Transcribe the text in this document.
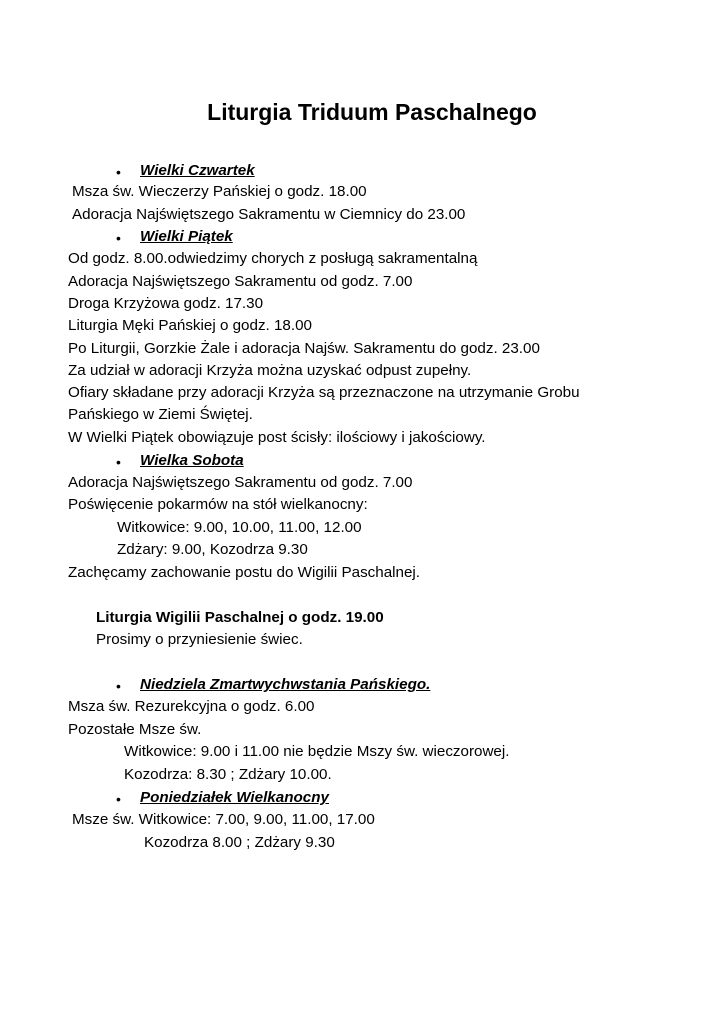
Liturgia Triduum Paschalnego
• Wielki Czwartek
Msza św. Wieczerzy Pańskiej o godz. 18.00
Adoracja Najświętszego Sakramentu w Ciemnicy do 23.00
• Wielki Piątek
Od godz. 8.00.odwiedzimy chorych z posługą sakramentalną
Adoracja Najświętszego Sakramentu od godz. 7.00
Droga Krzyżowa godz. 17.30
Liturgia Męki Pańskiej o godz. 18.00
Po Liturgii, Gorzkie Żale i adoracja Najśw. Sakramentu do godz. 23.00
Za udział w adoracji Krzyża można uzyskać odpust zupełny.
Ofiary składane przy adoracji Krzyża są przeznaczone na utrzymanie Grobu
Pańskiego w Ziemi Świętej.
W Wielki Piątek obowiązuje post ścisły: ilościowy i jakościowy.
• Wielka Sobota
Adoracja Najświętszego Sakramentu od godz. 7.00
Poświęcenie pokarmów na stół wielkanocny:
Witkowice: 9.00, 10.00, 11.00, 12.00
Zdżary: 9.00, Kozodrza 9.30
Zachęcamy zachowanie postu do Wigilii Paschalnej.
Liturgia Wigilii Paschalnej o godz. 19.00
Prosimy o przyniesienie świec.
• Niedziela Zmartwychwstania Pańskiego.
Msza św. Rezurekcyjna o godz. 6.00
Pozostałe Msze św.
Witkowice: 9.00 i 11.00 nie będzie Mszy św. wieczorowej.
Kozodrza: 8.30 ; Zdżary 10.00.
• Poniedziałek Wielkanocny
Msze św. Witkowice: 7.00, 9.00, 11.00, 17.00
Kozodrza 8.00 ; Zdżary 9.30
